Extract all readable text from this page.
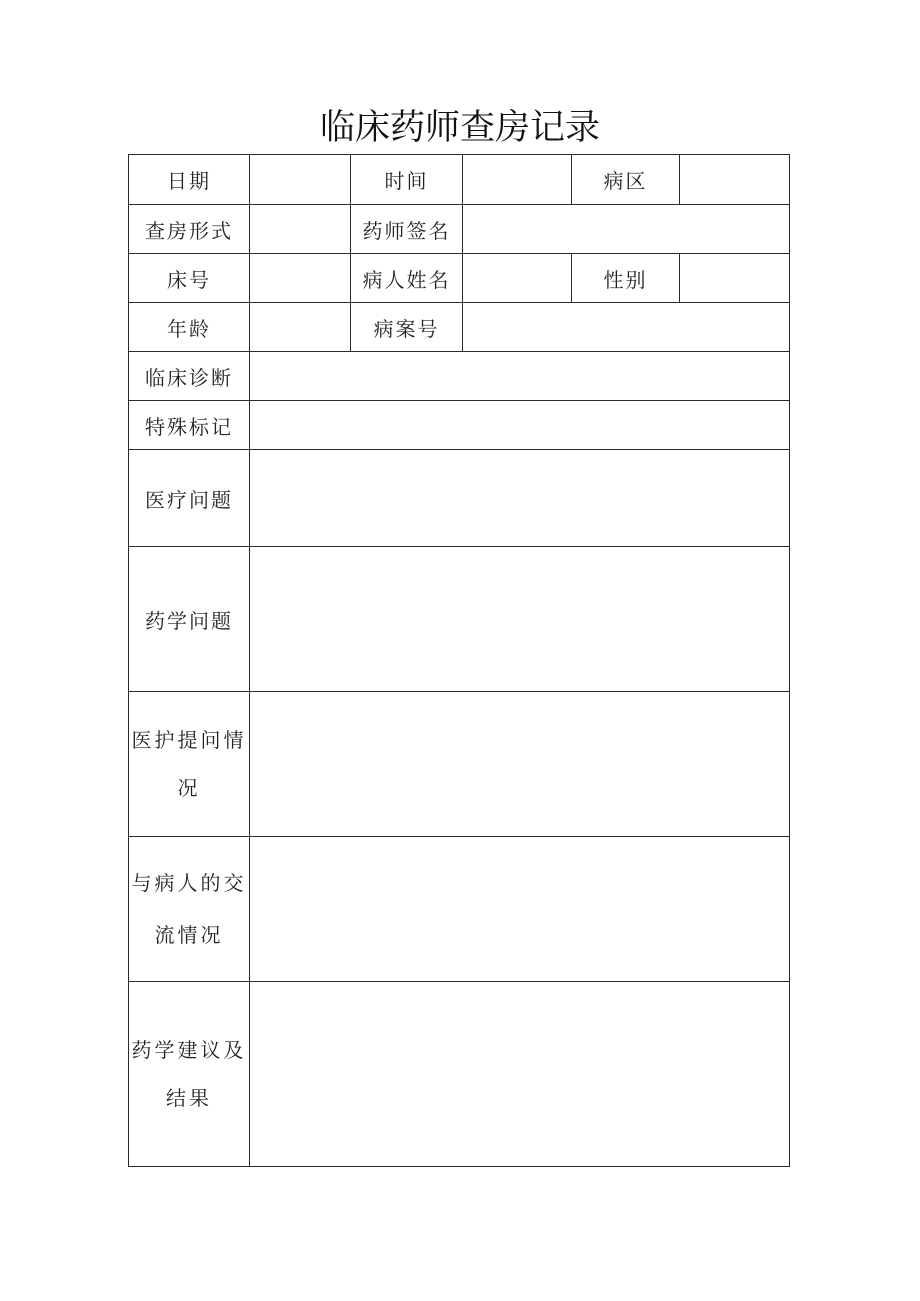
临床药师查房记录
日期		时间		病区	
查房形式		药师签名			
床号		病人姓名		性别	
年龄		病案号			
临床诊断					
特殊标记					
医疗问题					
药学问题					
医护提问情况					
与病人的交流情况					
药学建议及结果					
